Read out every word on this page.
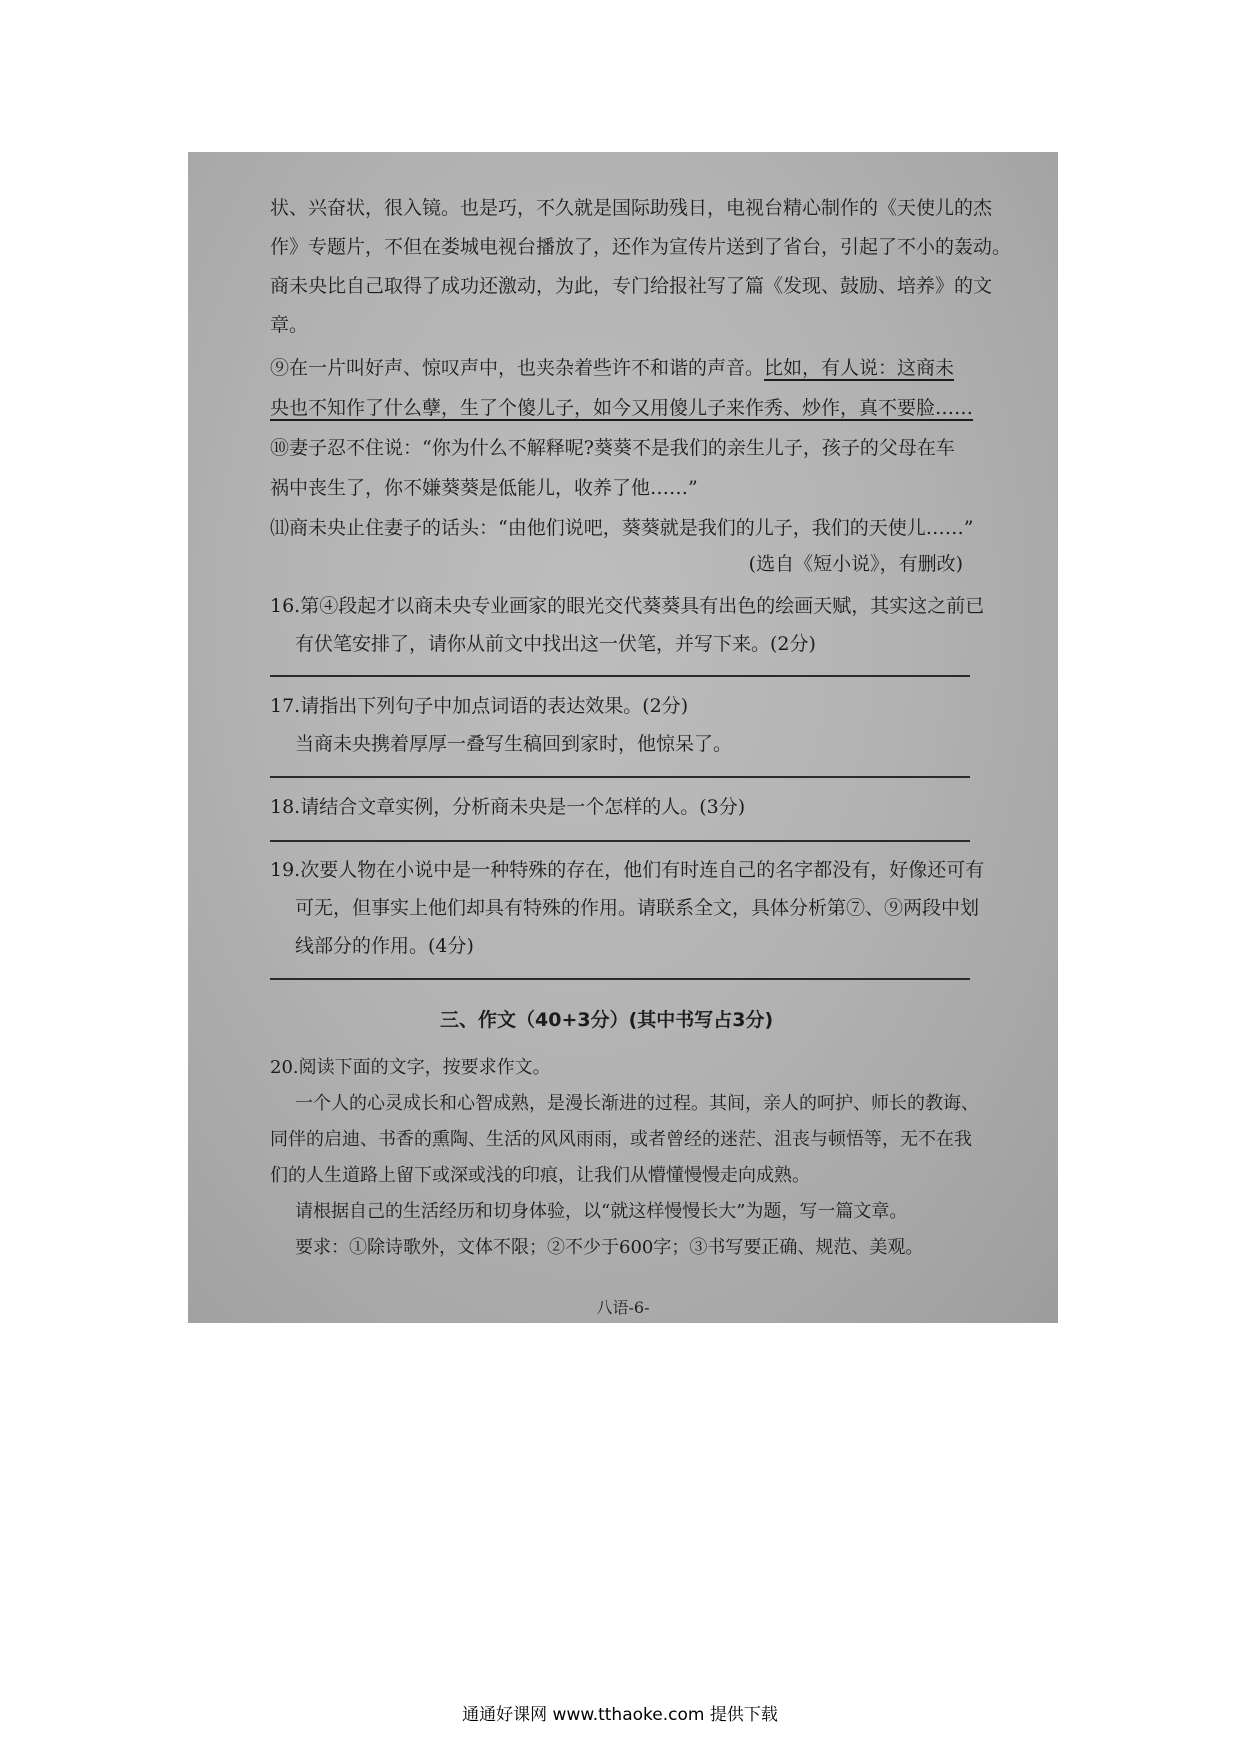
状、兴奋状，很入镜。也是巧，不久就是国际助残日，电视台精心制作的《天使儿的杰
作》专题片，不但在娄城电视台播放了，还作为宣传片送到了省台，引起了不小的轰动。
商未央比自己取得了成功还激动，为此，专门给报社写了篇《发现、鼓励、培养》的文
章。
⑨在一片叫好声、惊叹声中，也夹杂着些许不和谐的声音。比如，有人说：这商未
央也不知作了什么孽，生了个傻儿子，如今又用傻儿子来作秀、炒作，真不要脸……
⑩妻子忍不住说：“你为什么不解释呢?葵葵不是我们的亲生儿子，孩子的父母在车
祸中丧生了，你不嫌葵葵是低能儿，收养了他……”
⑾商未央止住妻子的话头：“由他们说吧，葵葵就是我们的儿子，我们的天使儿……”
(选自《短小说》，有删改)
16.第④段起才以商未央专业画家的眼光交代葵葵具有出色的绘画天赋，其实这之前已
有伏笔安排了，请你从前文中找出这一伏笔，并写下来。(2分)
17.请指出下列句子中加点词语的表达效果。(2分)
当商未央携着厚厚一叠写生稿回到家时，他惊呆了。
18.请结合文章实例，分析商未央是一个怎样的人。(3分)
19.次要人物在小说中是一种特殊的存在，他们有时连自己的名字都没有，好像还可有
可无，但事实上他们却具有特殊的作用。请联系全文，具体分析第⑦、⑨两段中划
线部分的作用。(4分)
三、作文（40+3分）(其中书写占3分)
20.阅读下面的文字，按要求作文。
一个人的心灵成长和心智成熟，是漫长渐进的过程。其间，亲人的呵护、师长的教诲、
同伴的启迪、书香的熏陶、生活的风风雨雨，或者曾经的迷茫、沮丧与顿悟等，无不在我
们的人生道路上留下或深或浅的印痕，让我们从懵懂慢慢走向成熟。
请根据自己的生活经历和切身体验，以“就这样慢慢长大”为题，写一篇文章。
要求：①除诗歌外，文体不限；②不少于600字；③书写要正确、规范、美观。
八语-6-
通通好课网 www.tthaoke.com 提供下载
